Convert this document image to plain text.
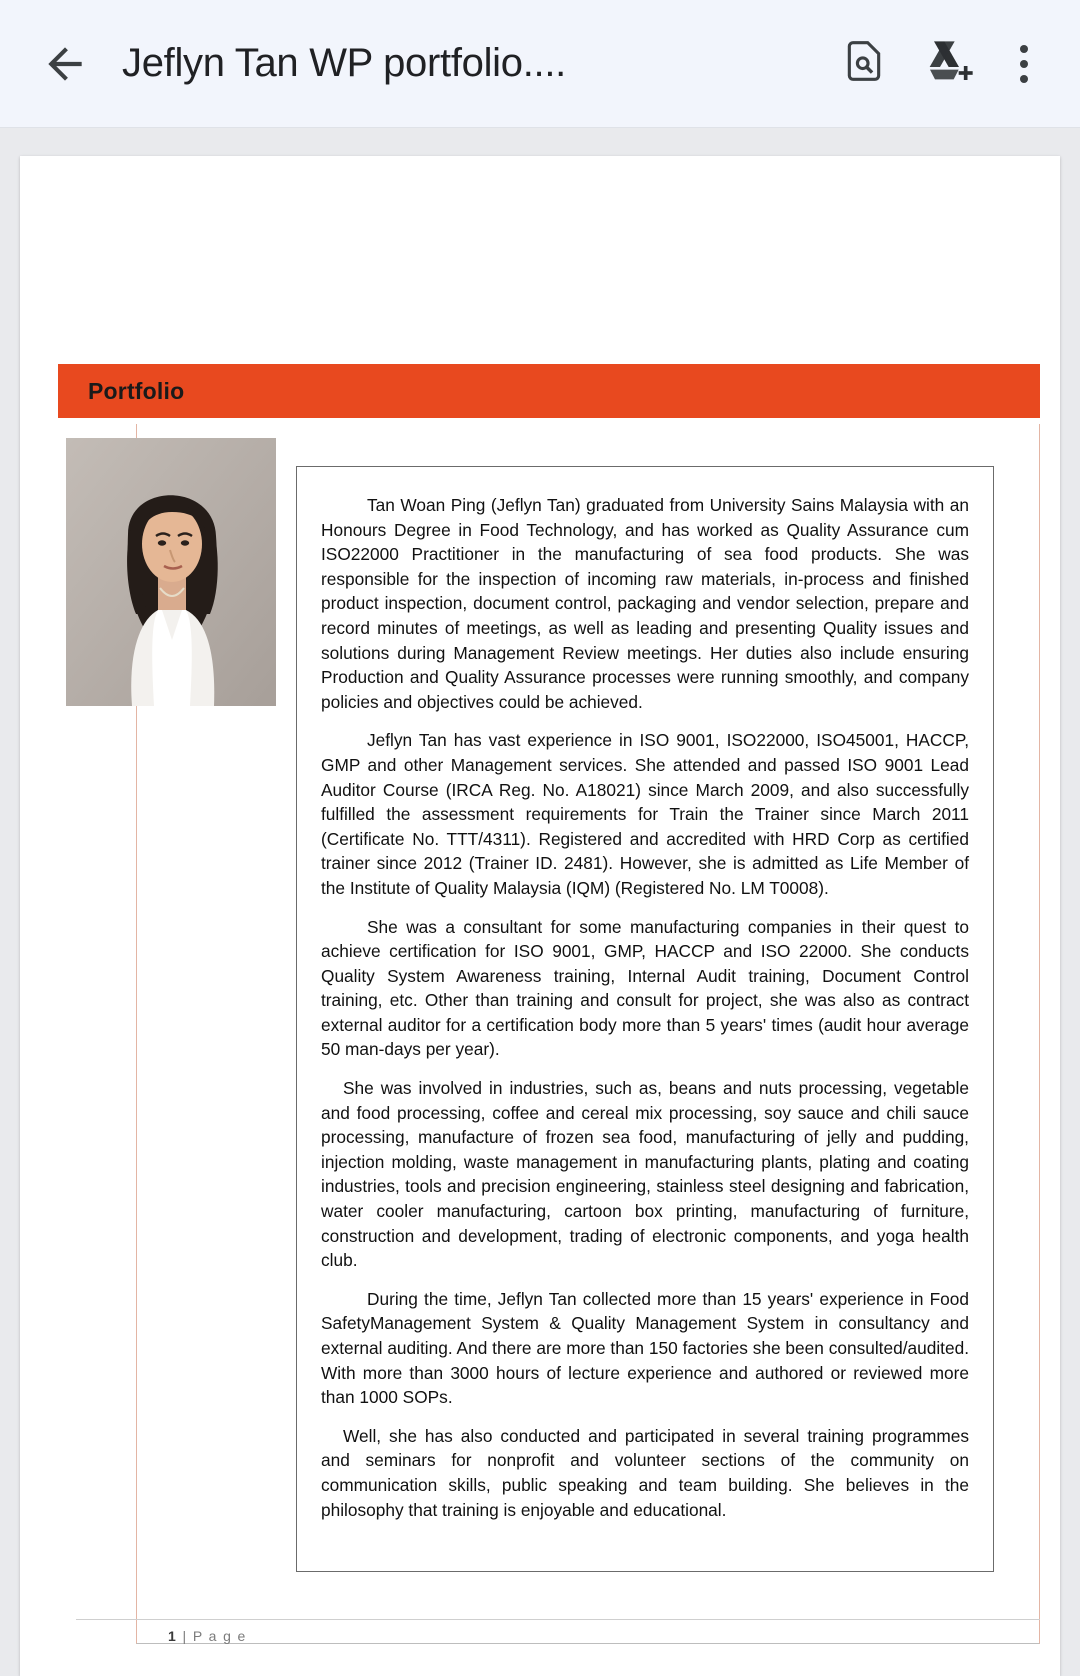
Jeflyn Tan WP portfolio....
Portfolio

Tan Woan Ping (Jeflyn Tan) graduated from University Sains Malaysia with an Honours Degree in Food Technology, and has worked as Quality Assurance cum ISO22000 Practitioner in the manufacturing of sea food products. She was responsible for the inspection of incoming raw materials, in-process and finished product inspection, document control, packaging and vendor selection, prepare and record minutes of meetings, as well as leading and presenting Quality issues and solutions during Management Review meetings. Her duties also include ensuring Production and Quality Assurance processes were running smoothly, and company policies and objectives could be achieved.

Jeflyn Tan has vast experience in ISO 9001, ISO22000, ISO45001, HACCP, GMP and other Management services. She attended and passed ISO 9001 Lead Auditor Course (IRCA Reg. No. A18021) since March 2009, and also successfully fulfilled the assessment requirements for Train the Trainer since March 2011 (Certificate No. TTT/4311). Registered and accredited with HRD Corp as certified trainer since 2012 (Trainer ID. 2481). However, she is admitted as Life Member of the Institute of Quality Malaysia (IQM) (Registered No. LM T0008).

She was a consultant for some manufacturing companies in their quest to achieve certification for ISO 9001, GMP, HACCP and ISO 22000. She conducts Quality System Awareness training, Internal Audit training, Document Control training, etc. Other than training and consult for project, she was also as contract external auditor for a certification body more than 5 years' times (audit hour average 50 man-days per year).

She was involved in industries, such as, beans and nuts processing, vegetable and food processing, coffee and cereal mix processing, soy sauce and chili sauce processing, manufacture of frozen sea food, manufacturing of jelly and pudding, injection molding, waste management in manufacturing plants, plating and coating industries, tools and precision engineering, stainless steel designing and fabrication, water cooler manufacturing, cartoon box printing, manufacturing of furniture, construction and development, trading of electronic components, and yoga health club.

During the time, Jeflyn Tan collected more than 15 years' experience in Food SafetyManagement System & Quality Management System in consultancy and external auditing. And there are more than 150 factories she been consulted/audited. With more than 3000 hours of lecture experience and authored or reviewed more than 1000 SOPs.

Well, she has also conducted and participated in several training programmes and seminars for nonprofit and volunteer sections of the community on communication skills, public speaking and team building. She believes in the philosophy that training is enjoyable and educational.

1 | P a g e
